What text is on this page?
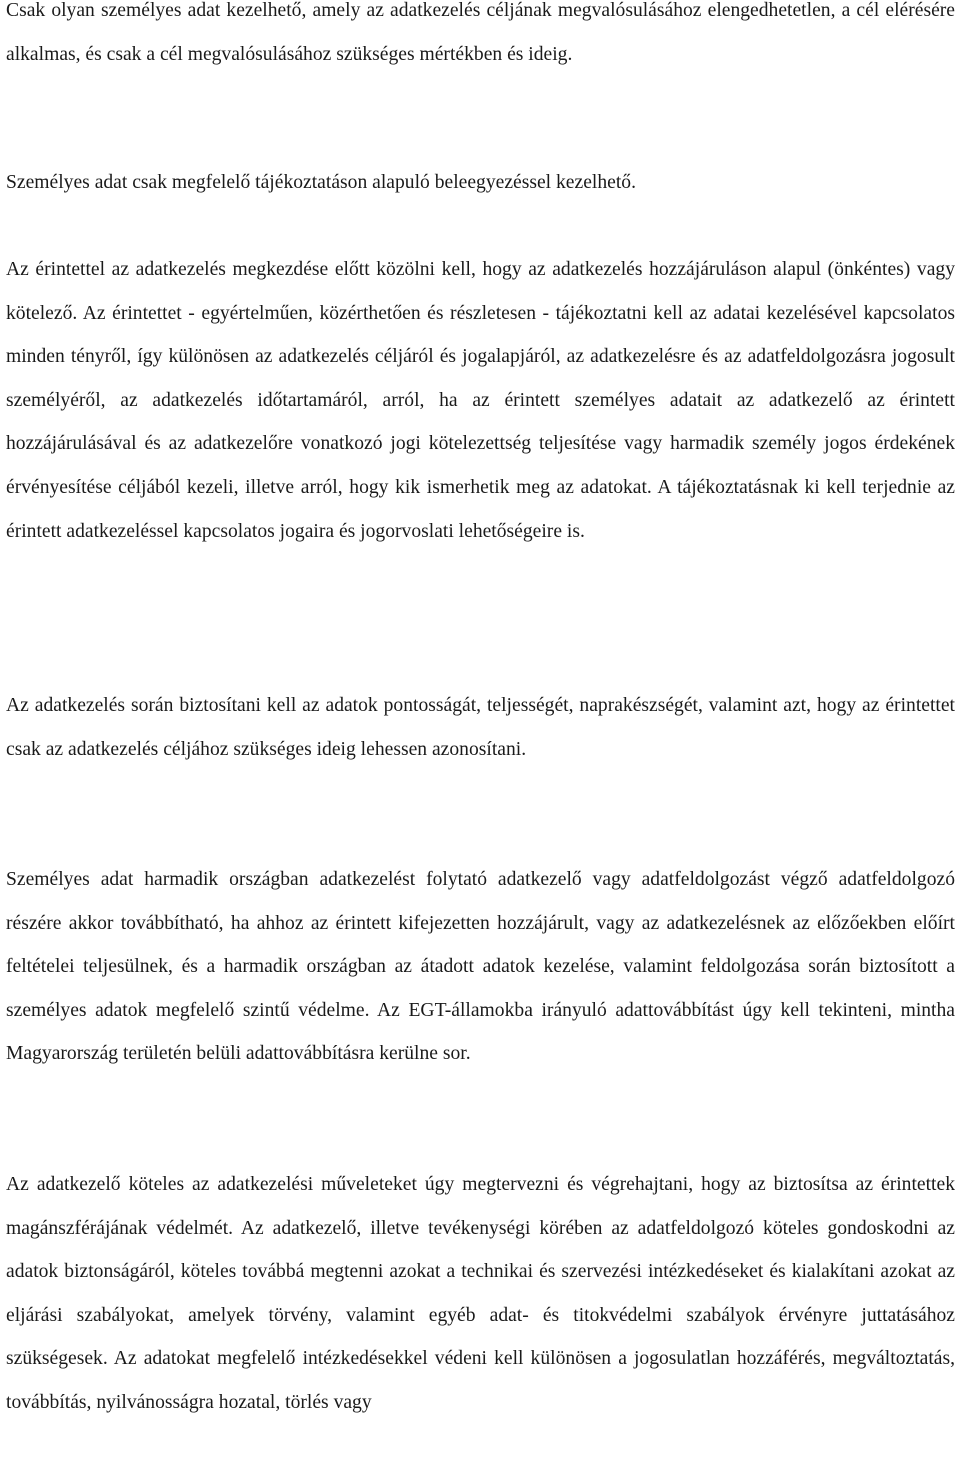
Csak olyan személyes adat kezelhető, amely az adatkezelés céljának megvalósulásához elengedhetetlen, a cél elérésére alkalmas, és csak a cél megvalósulásához szükséges mértékben és ideig.

Személyes adat csak megfelelő tájékoztatáson alapuló beleegyezéssel kezelhető.

Az érintettel az adatkezelés megkezdése előtt közölni kell, hogy az adatkezelés hozzájáruláson alapul (önkéntes) vagy kötelező. Az érintettet - egyértelműen, közérthetően és részletesen - tájékoztatni kell az adatai kezelésével kapcsolatos minden tényről, így különösen az adatkezelés céljáról és jogalapjáról, az adatkezelésre és az adatfeldolgozásra jogosult személyéről, az adatkezelés időtartamáról, arról, ha az érintett személyes adatait az adatkezelő az érintett hozzájárulásával és az adatkezelőre vonatkozó jogi kötelezettség teljesítése vagy harmadik személy jogos érdekének érvényesítése céljából kezeli, illetve arról, hogy kik ismerhetik meg az adatokat. A tájékoztatásnak ki kell terjednie az érintett adatkezeléssel kapcsolatos jogaira és jogorvoslati lehetőségeire is.

Az adatkezelés során biztosítani kell az adatok pontosságát, teljességét, naprakészségét, valamint azt, hogy az érintettet csak az adatkezelés céljához szükséges ideig lehessen azonosítani.

Személyes adat harmadik országban adatkezelést folytató adatkezelő vagy adatfeldolgozást végző adatfeldolgozó részére akkor továbbítható, ha ahhoz az érintett kifejezetten hozzájárult, vagy az adatkezelésnek az előzőekben előírt feltételei teljesülnek, és a harmadik országban az átadott adatok kezelése, valamint feldolgozása során biztosított a személyes adatok megfelelő szintű védelme. Az EGT-államokba irányuló adattovábbítást úgy kell tekinteni, mintha Magyarország területén belüli adattovábbításra kerülne sor.

Az adatkezelő köteles az adatkezelési műveleteket úgy megtervezni és végrehajtani, hogy az biztosítsa az érintettek magánszférájának védelmét. Az adatkezelő, illetve tevékenységi körében az adatfeldolgozó köteles gondoskodni az adatok biztonságáról, köteles továbbá megtenni azokat a technikai és szervezési intézkedéseket és kialakítani azokat az eljárási szabályokat, amelyek törvény, valamint egyéb adat- és titokvédelmi szabályok érvényre juttatásához szükségesek. Az adatokat megfelelő intézkedésekkel védeni kell különösen a jogosulatlan hozzáférés, megváltoztatás, továbbítás, nyilvánosságra hozatal, törlés vagy
